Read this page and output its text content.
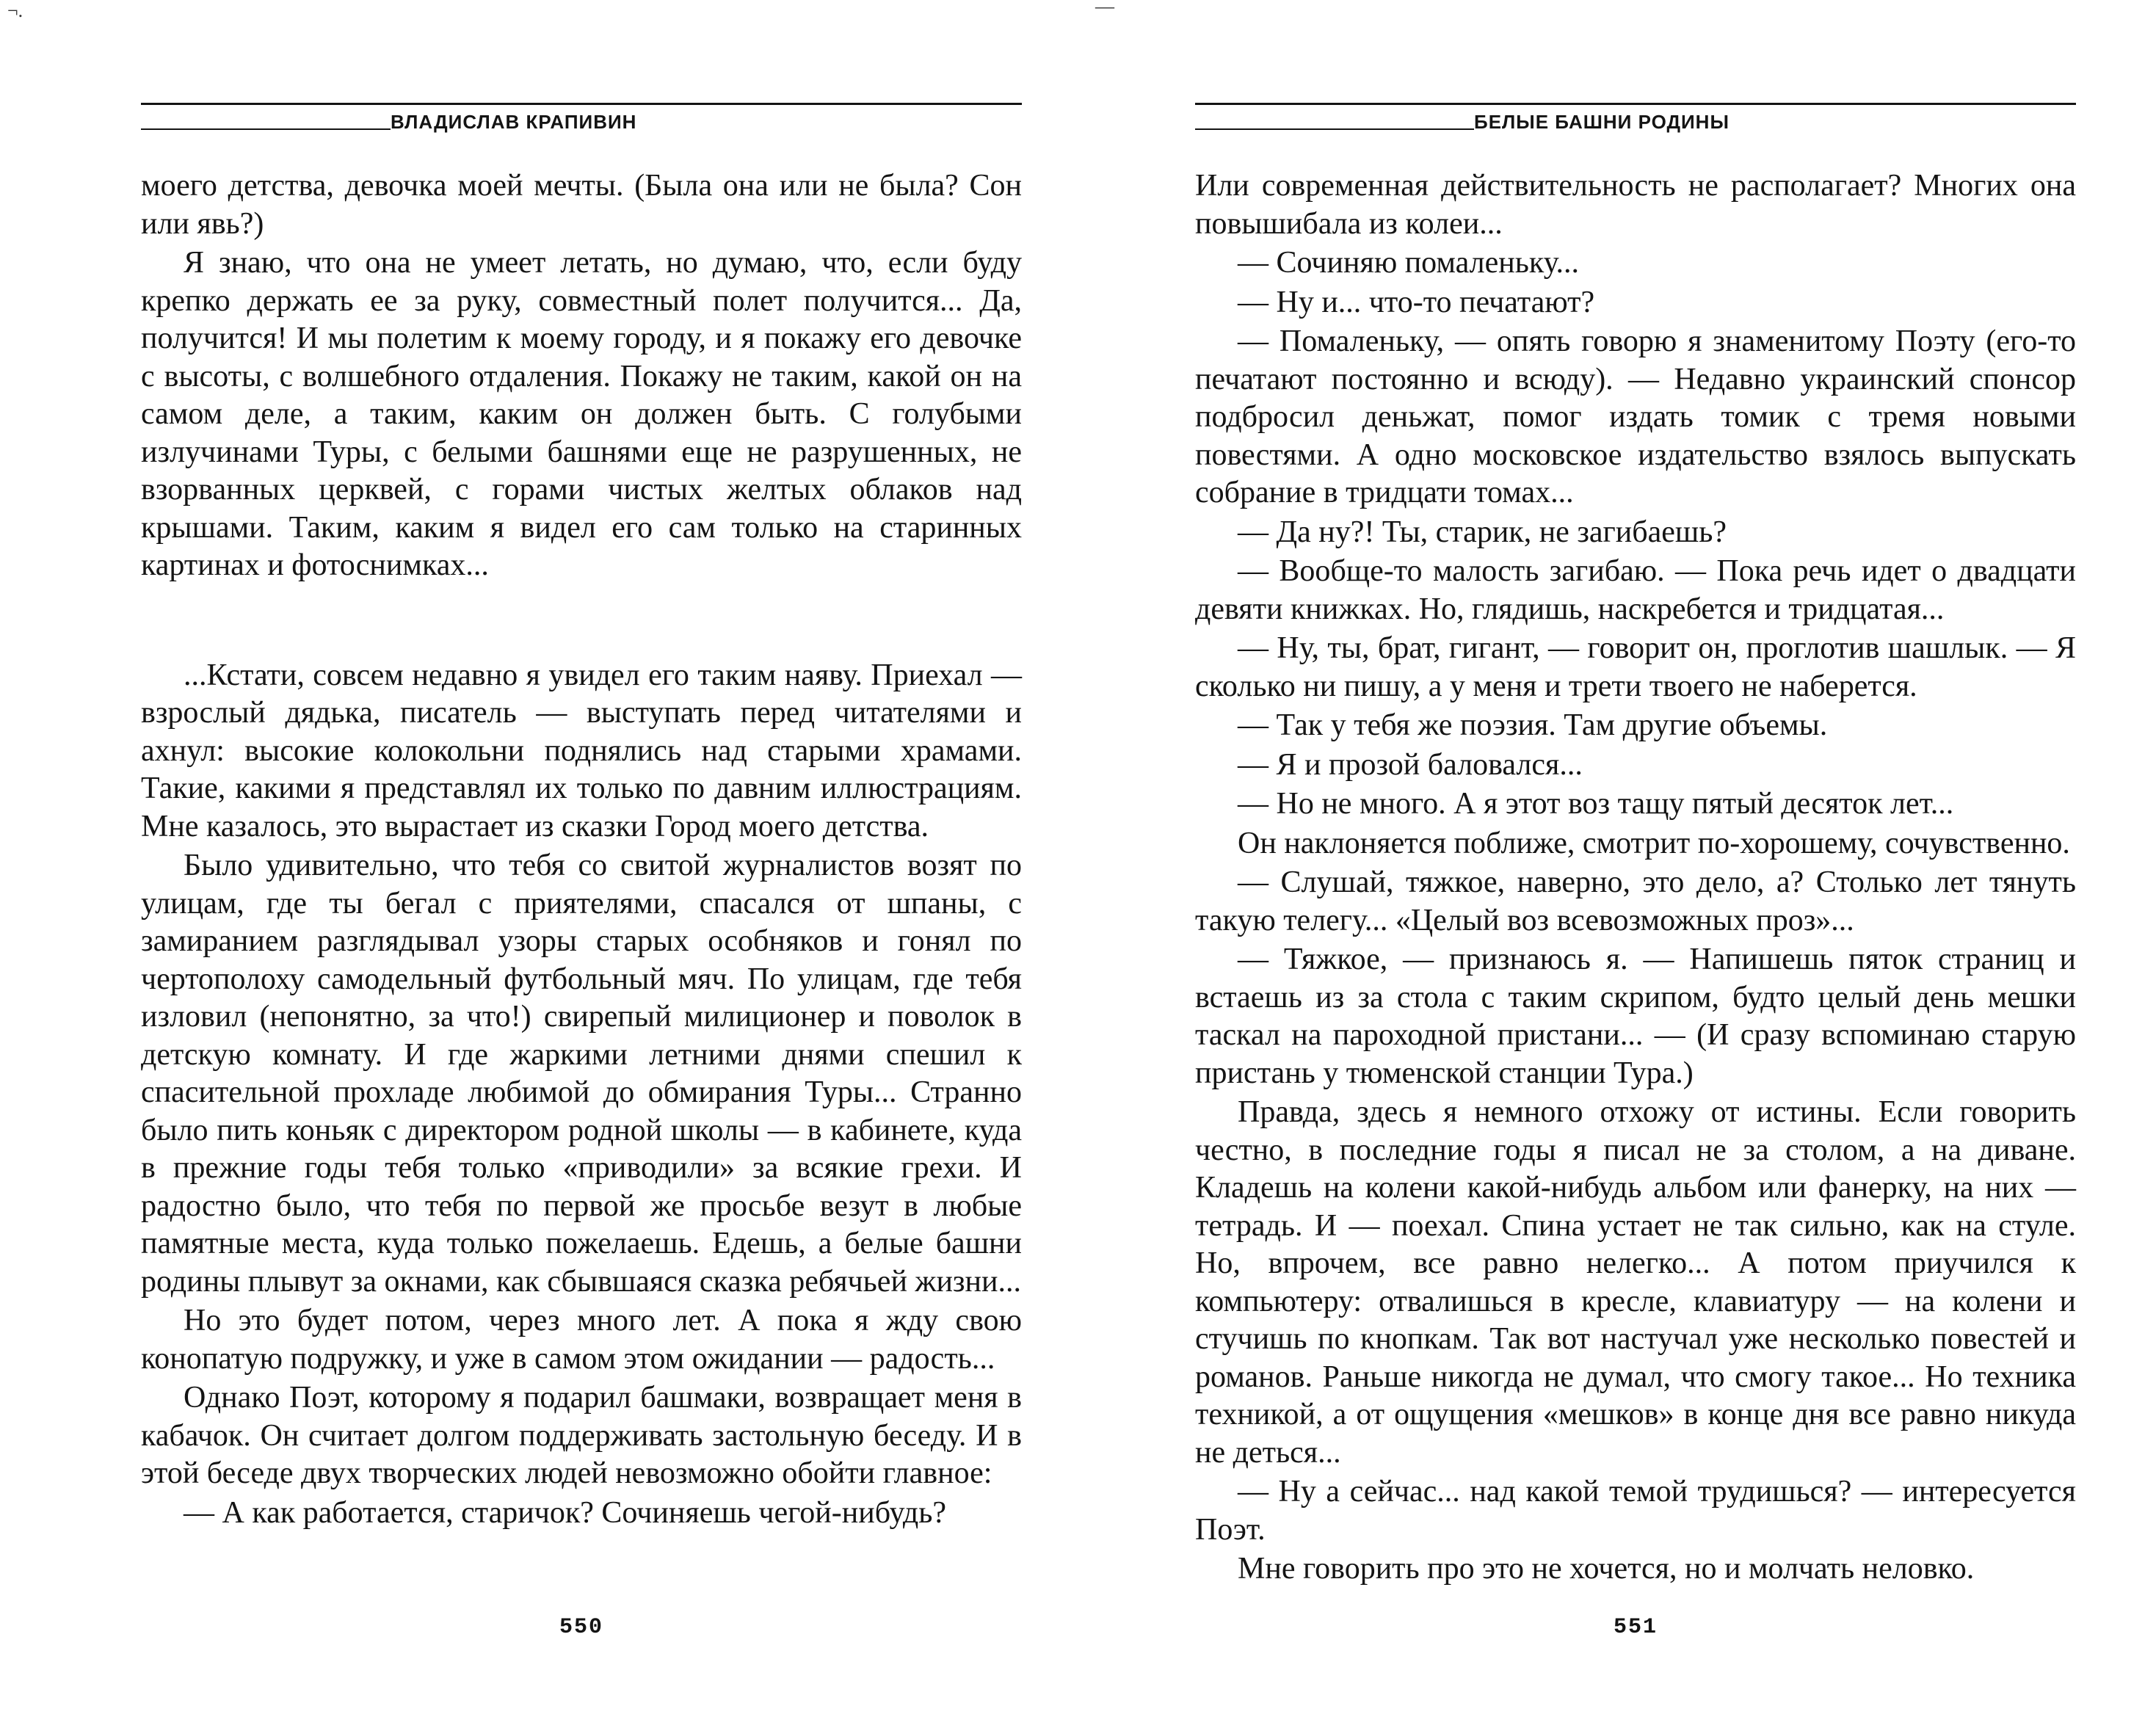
¬.	—
ВЛАДИСЛАВ КРАПИВИН

моего детства, девочка моей мечты. (Была она или не была? Сон или явь?)

Я знаю, что она не умеет летать, но думаю, что, если буду крепко держать ее за руку, совместный полет получится... Да, получится! И мы полетим к моему городу, и я покажу его девочке с высоты, с волшебного отдаления. Покажу не таким, какой он на самом деле, а таким, каким он должен быть. С голубыми излучинами Туры, с белыми башнями еще не разрушенных, не взорванных церквей, с горами чистых желтых облаков над крышами. Таким, каким я видел его сам только на старинных картинах и фотоснимках...

...Кстати, совсем недавно я увидел его таким наяву. Приехал — взрослый дядька, писатель — выступать перед читателями и ахнул: высокие колокольни поднялись над старыми храмами. Такие, какими я представлял их только по давним иллюстрациям. Мне казалось, это вырастает из сказки Город моего детства.

Было удивительно, что тебя со свитой журналистов возят по улицам, где ты бегал с приятелями, спасался от шпаны, с замиранием разглядывал узоры старых особняков и гонял по чертополоху самодельный футбольный мяч. По улицам, где тебя изловил (непонятно, за что!) свирепый милиционер и поволок в детскую комнату. И где жаркими летними днями спешил к спасительной прохладе любимой до обмирания Туры... Странно было пить коньяк с директором родной школы — в кабинете, куда в прежние годы тебя только «приводили» за всякие грехи. И радостно было, что тебя по первой же просьбе везут в любые памятные места, куда только пожелаешь. Едешь, а белые башни родины плывут за окнами, как сбывшаяся сказка ребячьей жизни...

Но это будет потом, через много лет. А пока я жду свою конопатую подружку, и уже в самом этом ожидании — радость...

Однако Поэт, которому я подарил башмаки, возвращает меня в кабачок. Он считает долгом поддерживать застольную беседу. И в этой беседе двух творческих людей невозможно обойти главное:

— А как работается, старичок? Сочиняешь чегой-нибудь?

550
БЕЛЫЕ БАШНИ РОДИНЫ

Или современная действительность не располагает? Многих она повышибала из колеи...

— Сочиняю помаленьку...

— Ну и... что-то печатают?

— Помаленьку, — опять говорю я знаменитому Поэту (его-то печатают постоянно и всюду). — Недавно украинский спонсор подбросил деньжат, помог издать томик с тремя новыми повестями. А одно московское издательство взялось выпускать собрание в тридцати томах...

— Да ну?! Ты, старик, не загибаешь?

— Вообще-то малость загибаю. — Пока речь идет о двадцати девяти книжках. Но, глядишь, наскребется и тридцатая...

— Ну, ты, брат, гигант, — говорит он, проглотив шашлык. — Я сколько ни пишу, а у меня и трети твоего не наберется.

— Так у тебя же поэзия. Там другие объемы.

— Я и прозой баловался...

— Но не много. А я этот воз тащу пятый десяток лет...

Он наклоняется поближе, смотрит по-хорошему, сочувственно.

— Слушай, тяжкое, наверно, это дело, а? Столько лет тянуть такую телегу... «Целый воз всевозможных проз»...

— Тяжкое, — признаюсь я. — Напишешь пяток страниц и встаешь из за стола с таким скрипом, будто целый день мешки таскал на пароходной пристани... — (И сразу вспоминаю старую пристань у тюменской станции Тура.)

Правда, здесь я немного отхожу от истины. Если говорить честно, в последние годы я писал не за столом, а на диване. Кладешь на колени какой-нибудь альбом или фанерку, на них — тетрадь. И — поехал. Спина устает не так сильно, как на стуле. Но, впрочем, все равно нелегко... А потом приучился к компьютеру: отвалишься в кресле, клавиатуру — на колени и стучишь по кнопкам. Так вот настучал уже несколько повестей и романов. Раньше никогда не думал, что смогу такое... Но техника техникой, а от ощущения «мешков» в конце дня все равно никуда не деться...

— Ну а сейчас... над какой темой трудишься? — интересуется Поэт.

Мне говорить про это не хочется, но и молчать неловко.

551
